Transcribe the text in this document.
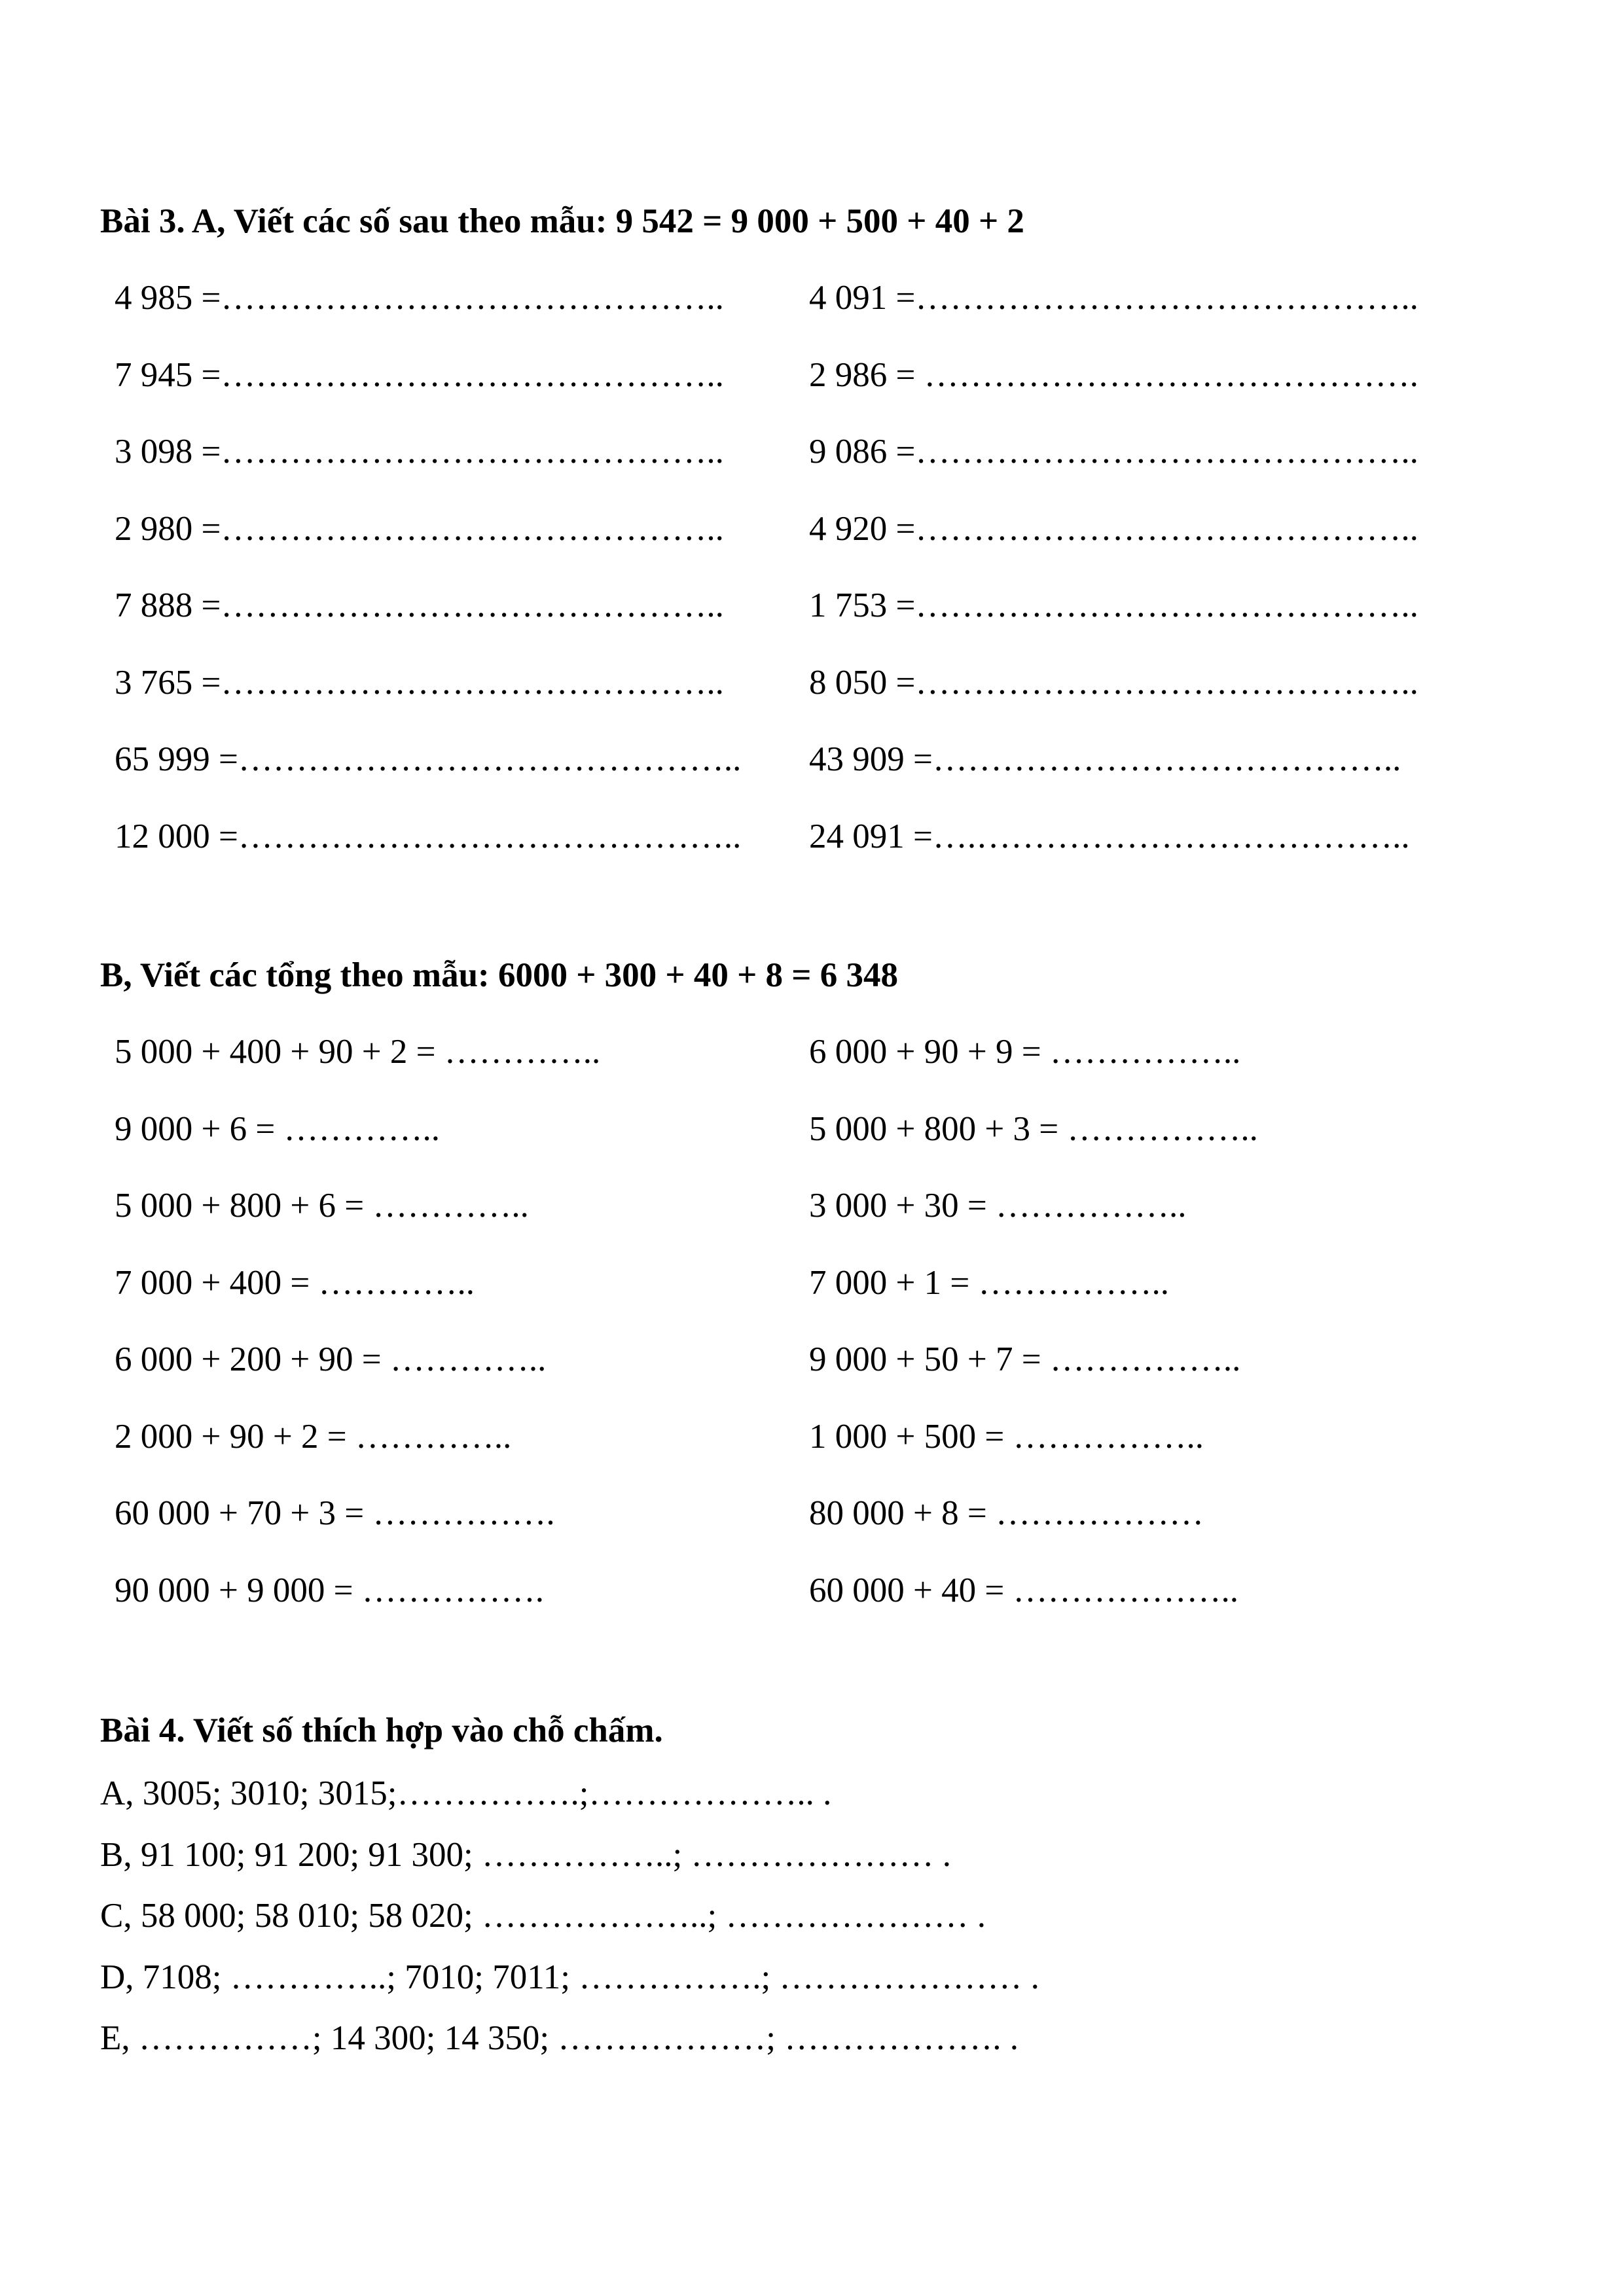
Bài 3. A, Viết các số sau theo mẫu: 9 542 = 9 000 + 500 + 40 + 2
4 985 =…………………………………….. 4 091 =……………………………………..
7 945 =…………………………………….. 2 986 = …………………………………….
3 098 =…………………………………….. 9 086 =……………………………………..
2 980 =…………………………………….. 4 920 =……………………………………..
7 888 =…………………………………….. 1 753 =……………………………………..
3 765 =…………………………………….. 8 050 =……………………………………..
65 999 =…………………………………….. 43 909 =…………………………………..
12 000 =…………………………………….. 24 091 =….………………………………..
B, Viết các tổng theo mẫu: 6000 + 300 + 40 + 8 = 6 348
5 000 + 400 + 90 + 2 = …………..	6 000 + 90 + 9 = ……………..
9 000 + 6 = …………..	5 000 + 800 + 3 = ……………..
5 000 + 800 + 6 = …………..	3 000 + 30 = ……………..
7 000 + 400 = …………..	7 000 + 1 = ……………..
6 000 + 200 + 90 = …………..	9 000 + 50 + 7 = ……………..
2 000 + 90 + 2 = …………..	1 000 + 500 = ……………..
60 000 + 70 + 3 = …………….	80 000 + 8 = ………………
90 000 + 9 000 = …………….	60 000 + 40 = ………………..
Bài 4. Viết số thích hợp vào chỗ chấm.
A, 3005; 3010; 3015;…………….;……………….. .
B, 91 100; 91 200; 91 300; ……………..; ………………… .
C, 58 000; 58 010; 58 020; ………………..; ………………… .
D, 7108; …………..; 7010; 7011; …………….; ………………… .
E, ……………; 14 300; 14 350; ………………; ………………. .
